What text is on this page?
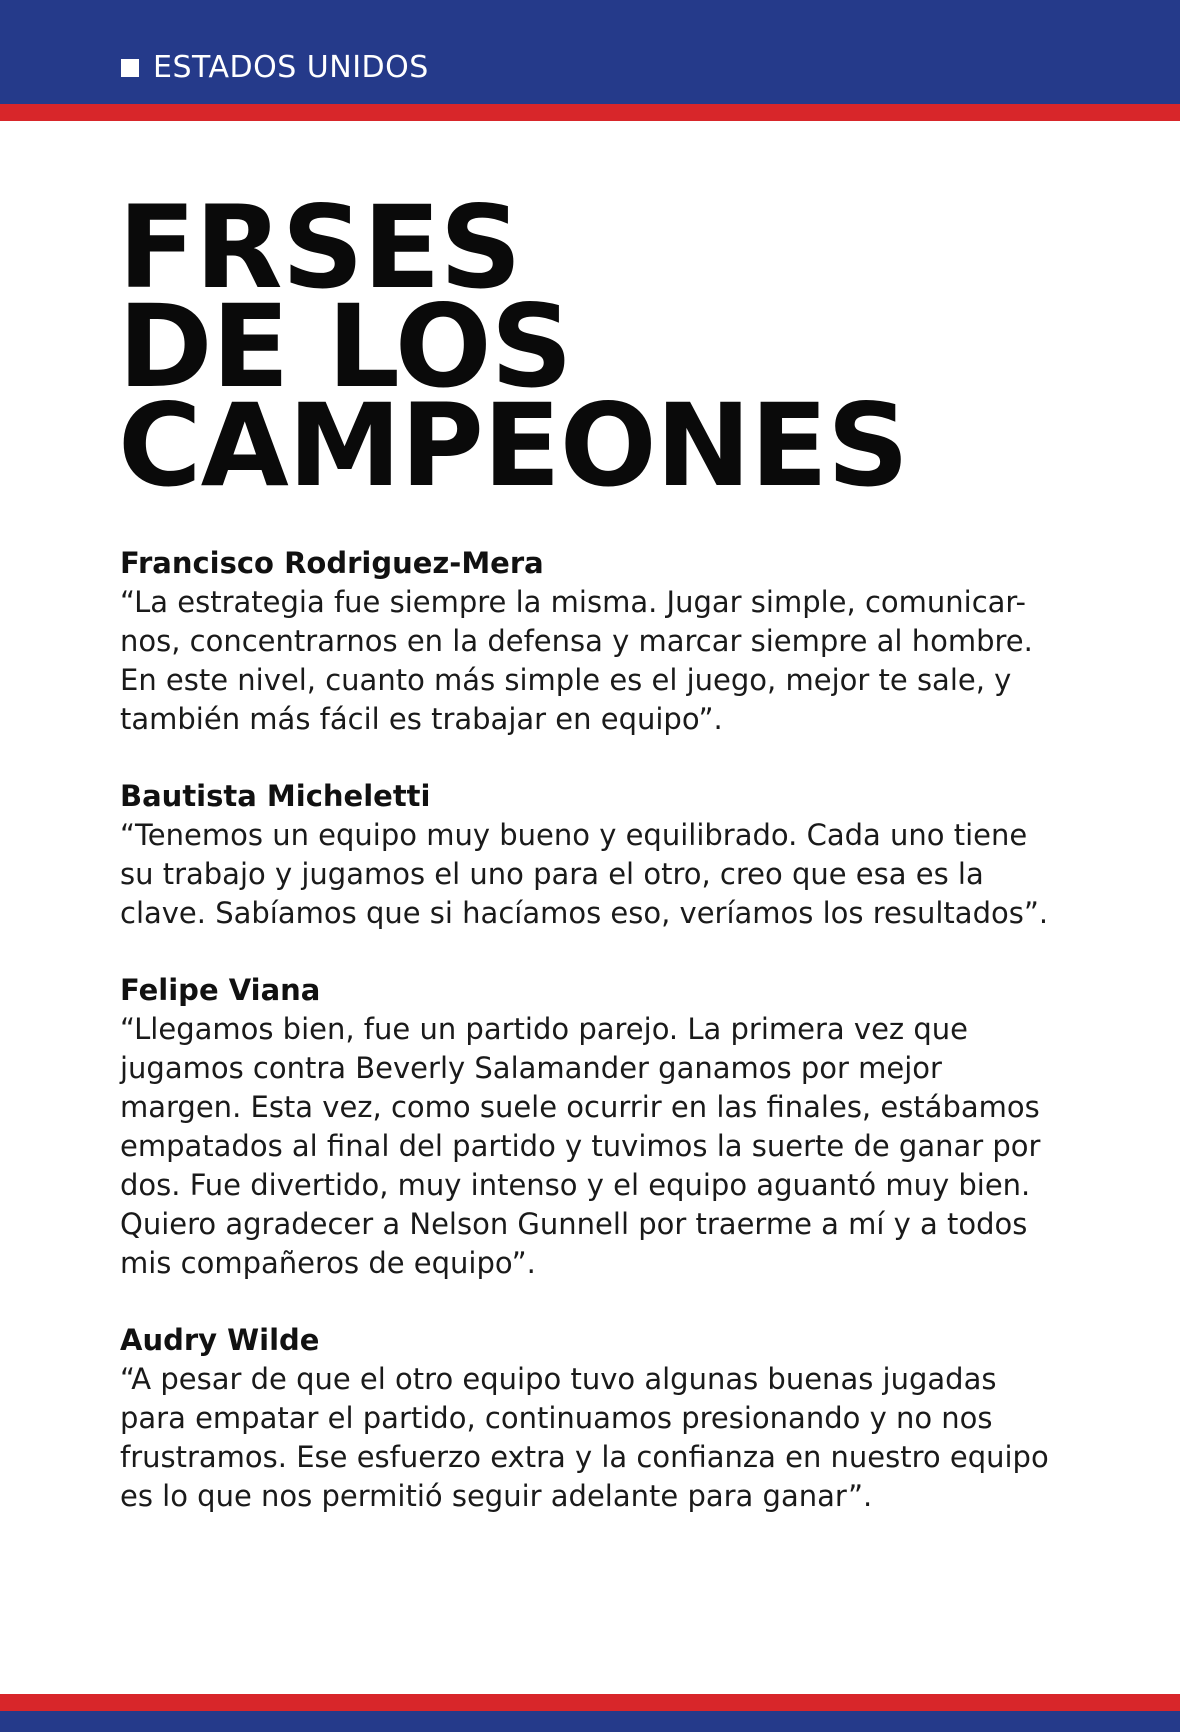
ESTADOS UNIDOS
FRSES
DE LOS
CAMPEONES
Francisco Rodriguez-Mera
“La estrategia fue siempre la misma. Jugar simple, comunicar-
nos, concentrarnos en la defensa y marcar siempre al hombre.
En este nivel, cuanto más simple es el juego, mejor te sale, y
también más fácil es trabajar en equipo”.
Bautista Micheletti
“Tenemos un equipo muy bueno y equilibrado. Cada uno tiene
su trabajo y jugamos el uno para el otro, creo que esa es la
clave. Sabíamos que si hacíamos eso, veríamos los resultados”.
Felipe Viana
“Llegamos bien, fue un partido parejo. La primera vez que
jugamos contra Beverly Salamander ganamos por mejor
margen. Esta vez, como suele ocurrir en las finales, estábamos
empatados al final del partido y tuvimos la suerte de ganar por
dos. Fue divertido, muy intenso y el equipo aguantó muy bien.
Quiero agradecer a Nelson Gunnell por traerme a mí y a todos
mis compañeros de equipo”.
Audry Wilde
“A pesar de que el otro equipo tuvo algunas buenas jugadas
para empatar el partido, continuamos presionando y no nos
frustramos. Ese esfuerzo extra y la confianza en nuestro equipo
es lo que nos permitió seguir adelante para ganar”.
